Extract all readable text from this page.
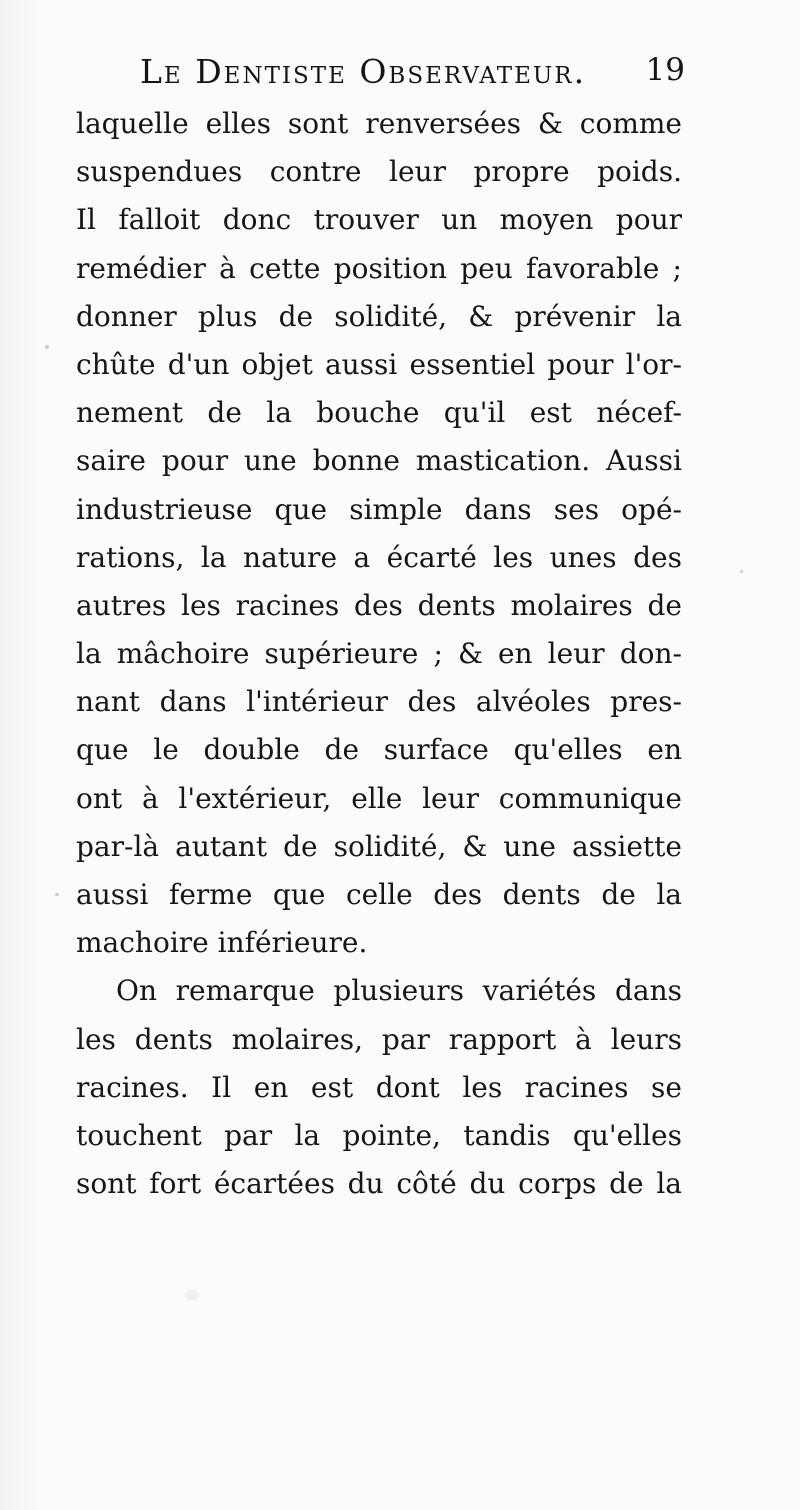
Le Dentiste Observateur. 19
laquelle elles sont renversées & comme
suspendues contre leur propre poids.
Il falloit donc trouver un moyen pour
remédier à cette position peu favorable ;
donner plus de solidité, & prévenir la
chûte d'un objet aussi essentiel pour l'or-
nement de la bouche qu'il est nécef-
saire pour une bonne mastication. Aussi
industrieuse que simple dans ses opé-
rations, la nature a écarté les unes des
autres les racines des dents molaires de
la mâchoire supérieure ; & en leur don-
nant dans l'intérieur des alvéoles pres-
que le double de surface qu'elles en
ont à l'extérieur, elle leur communique
par-là autant de solidité, & une assiette
aussi ferme que celle des dents de la
machoire inférieure.
On remarque plusieurs variétés dans
les dents molaires, par rapport à leurs
racines. Il en est dont les racines se
touchent par la pointe, tandis qu'elles
sont fort écartées du côté du corps de la
